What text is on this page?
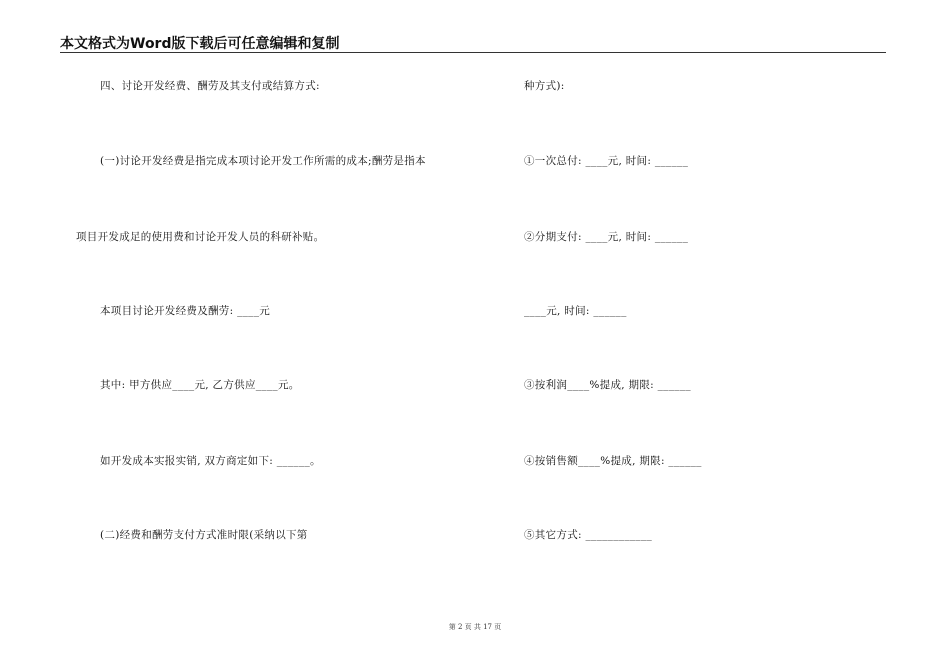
本文格式为Word版下载后可任意编辑和复制
四、讨论开发经费、酬劳及其支付或结算方式:
(一)讨论开发经费是指完成本项讨论开发工作所需的成本;酬劳是指本
项目开发成足的使用费和讨论开发人员的科研补贴。
本项目讨论开发经费及酬劳: ____元
其中: 甲方供应____元, 乙方供应____元。
如开发成本实报实销, 双方商定如下: ______。
(二)经费和酬劳支付方式准时限(采纳以下第
种方式):
①一次总付: ____元, 时间: ______
②分期支付: ____元, 时间: ______
____元, 时间: ______
③按利润____%提成, 期限: ______
④按销售额____%提成, 期限: ______
⑤其它方式: ____________
第 2 页 共 17 页
